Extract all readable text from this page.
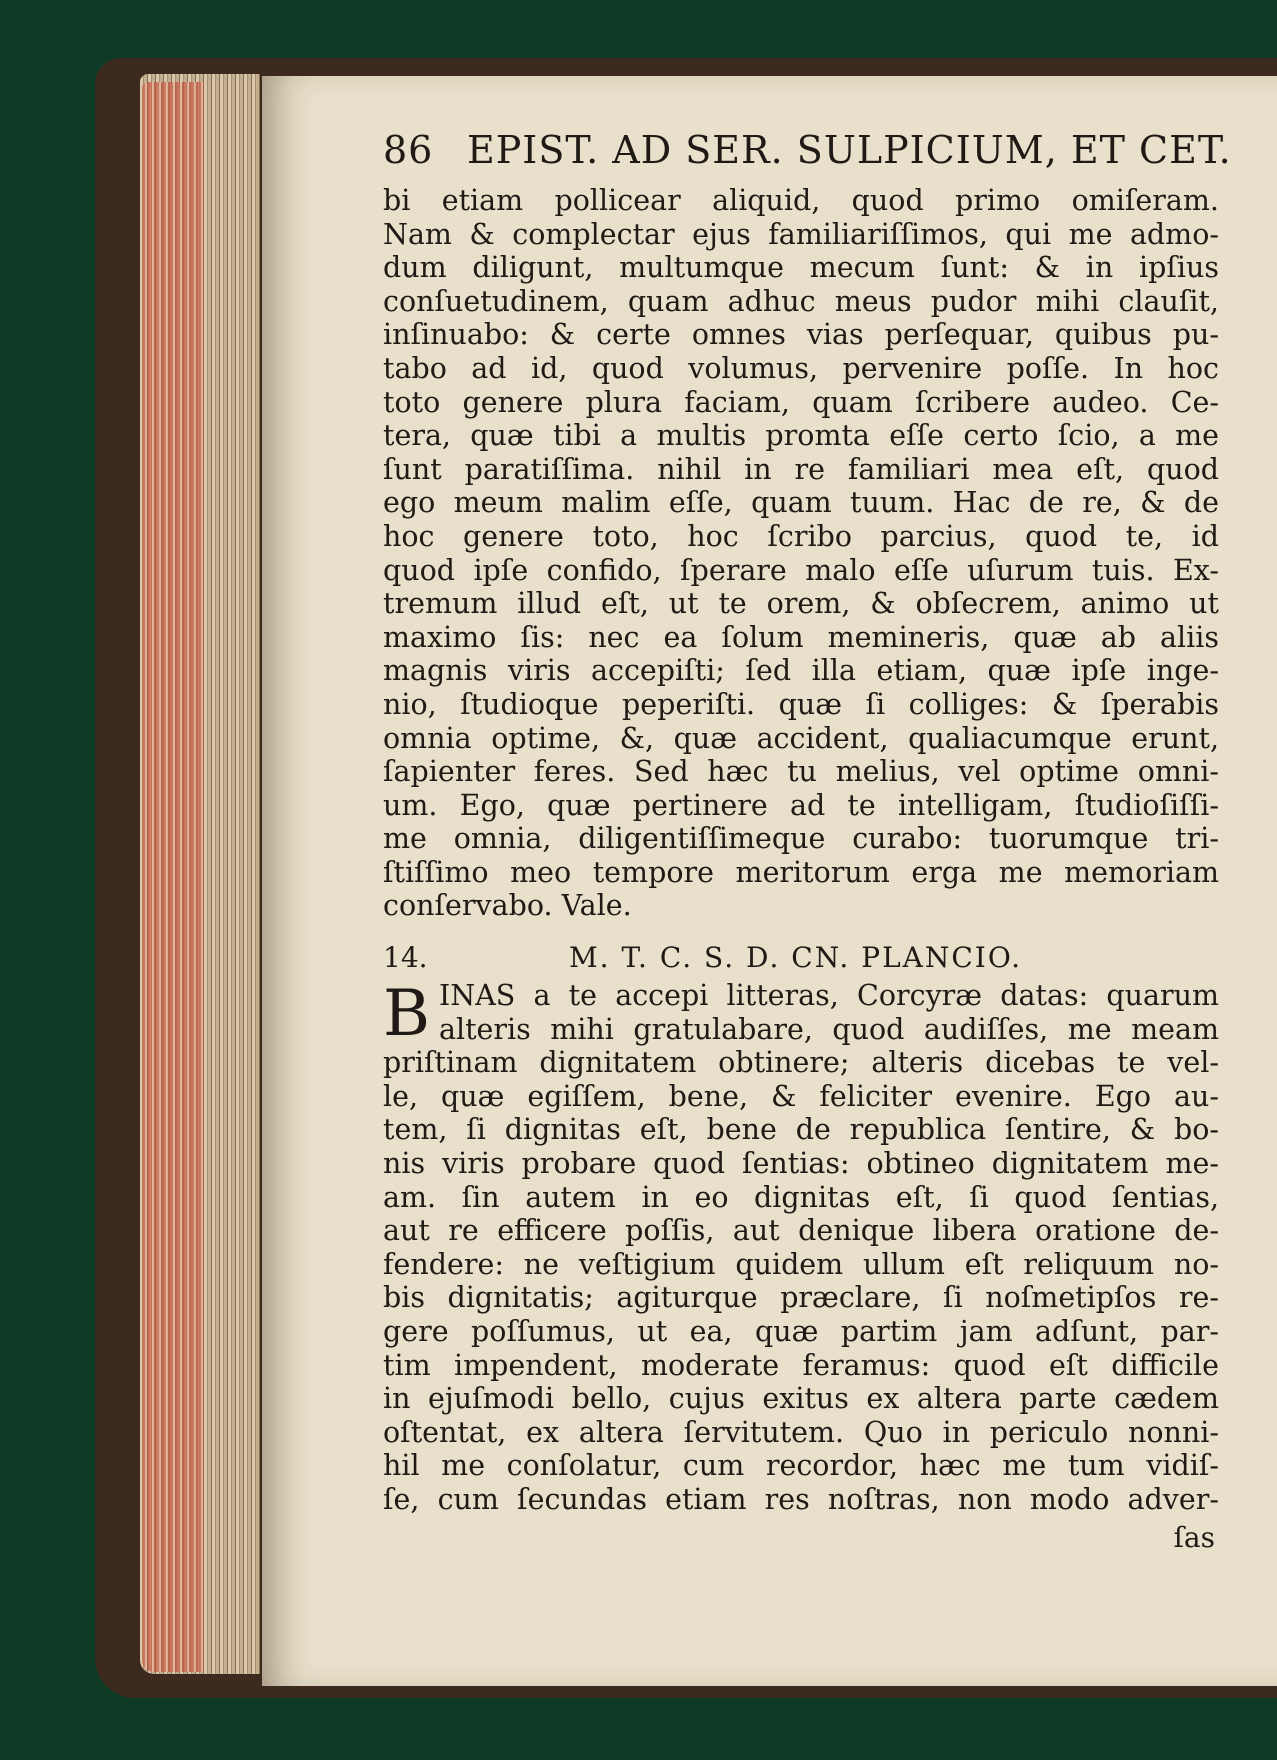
86 EPIST. AD SER. SULPICIUM, ET CET.
bi etiam pollicear aliquid, quod primo omiſeram.
Nam & complectar ejus familiariſſimos, qui me admo-
dum diligunt, multumque mecum ſunt: & in ipſius
conſuetudinem, quam adhuc meus pudor mihi clauſit,
inſinuabo: & certe omnes vias perſequar, quibus pu-
tabo ad id, quod volumus, pervenire poſſe. In hoc
toto genere plura faciam, quam ſcribere audeo. Ce-
tera, quæ tibi a multis promta eſſe certo ſcio, a me
ſunt paratiſſima. nihil in re familiari mea eſt, quod
ego meum malim eſſe, quam tuum. Hac de re, & de
hoc genere toto, hoc ſcribo parcius, quod te, id
quod ipſe confido, ſperare malo eſſe uſurum tuis. Ex-
tremum illud eſt, ut te orem, & obſecrem, animo ut
maximo ſis: nec ea ſolum memineris, quæ ab aliis
magnis viris accepiſti; ſed illa etiam, quæ ipſe inge-
nio, ſtudioque peperiſti. quæ ſi colliges: & ſperabis
omnia optime, &, quæ accident, qualiacumque erunt,
ſapienter feres. Sed hæc tu melius, vel optime omni-
um. Ego, quæ pertinere ad te intelligam, ſtudioſiſſi-
me omnia, diligentiſſimeque curabo: tuorumque tri-
ſtiſſimo meo tempore meritorum erga me memoriam
conſervabo. Vale.
14.	M. T. C. S. D. CN. PLANCIO.
B INAS a te accepi litteras, Corcyræ datas: quarum
alteris mihi gratulabare, quod audiſſes, me meam
priſtinam dignitatem obtinere; alteris dicebas te vel-
le, quæ egiſſem, bene, & feliciter evenire. Ego au-
tem, ſi dignitas eſt, bene de republica ſentire, & bo-
nis viris probare quod ſentias: obtineo dignitatem me-
am. ſin autem in eo dignitas eſt, ſi quod ſentias,
aut re efficere poſſis, aut denique libera oratione de-
fendere: ne veſtigium quidem ullum eſt reliquum no-
bis dignitatis; agiturque præclare, ſi noſmetipſos re-
gere poſſumus, ut ea, quæ partim jam adſunt, par-
tim impendent, moderate feramus: quod eſt difficile
in ejuſmodi bello, cujus exitus ex altera parte cædem
oſtentat, ex altera ſervitutem. Quo in periculo nonni-
hil me conſolatur, cum recordor, hæc me tum vidiſ-
ſe, cum ſecundas etiam res noſtras, non modo adver-
ſas
